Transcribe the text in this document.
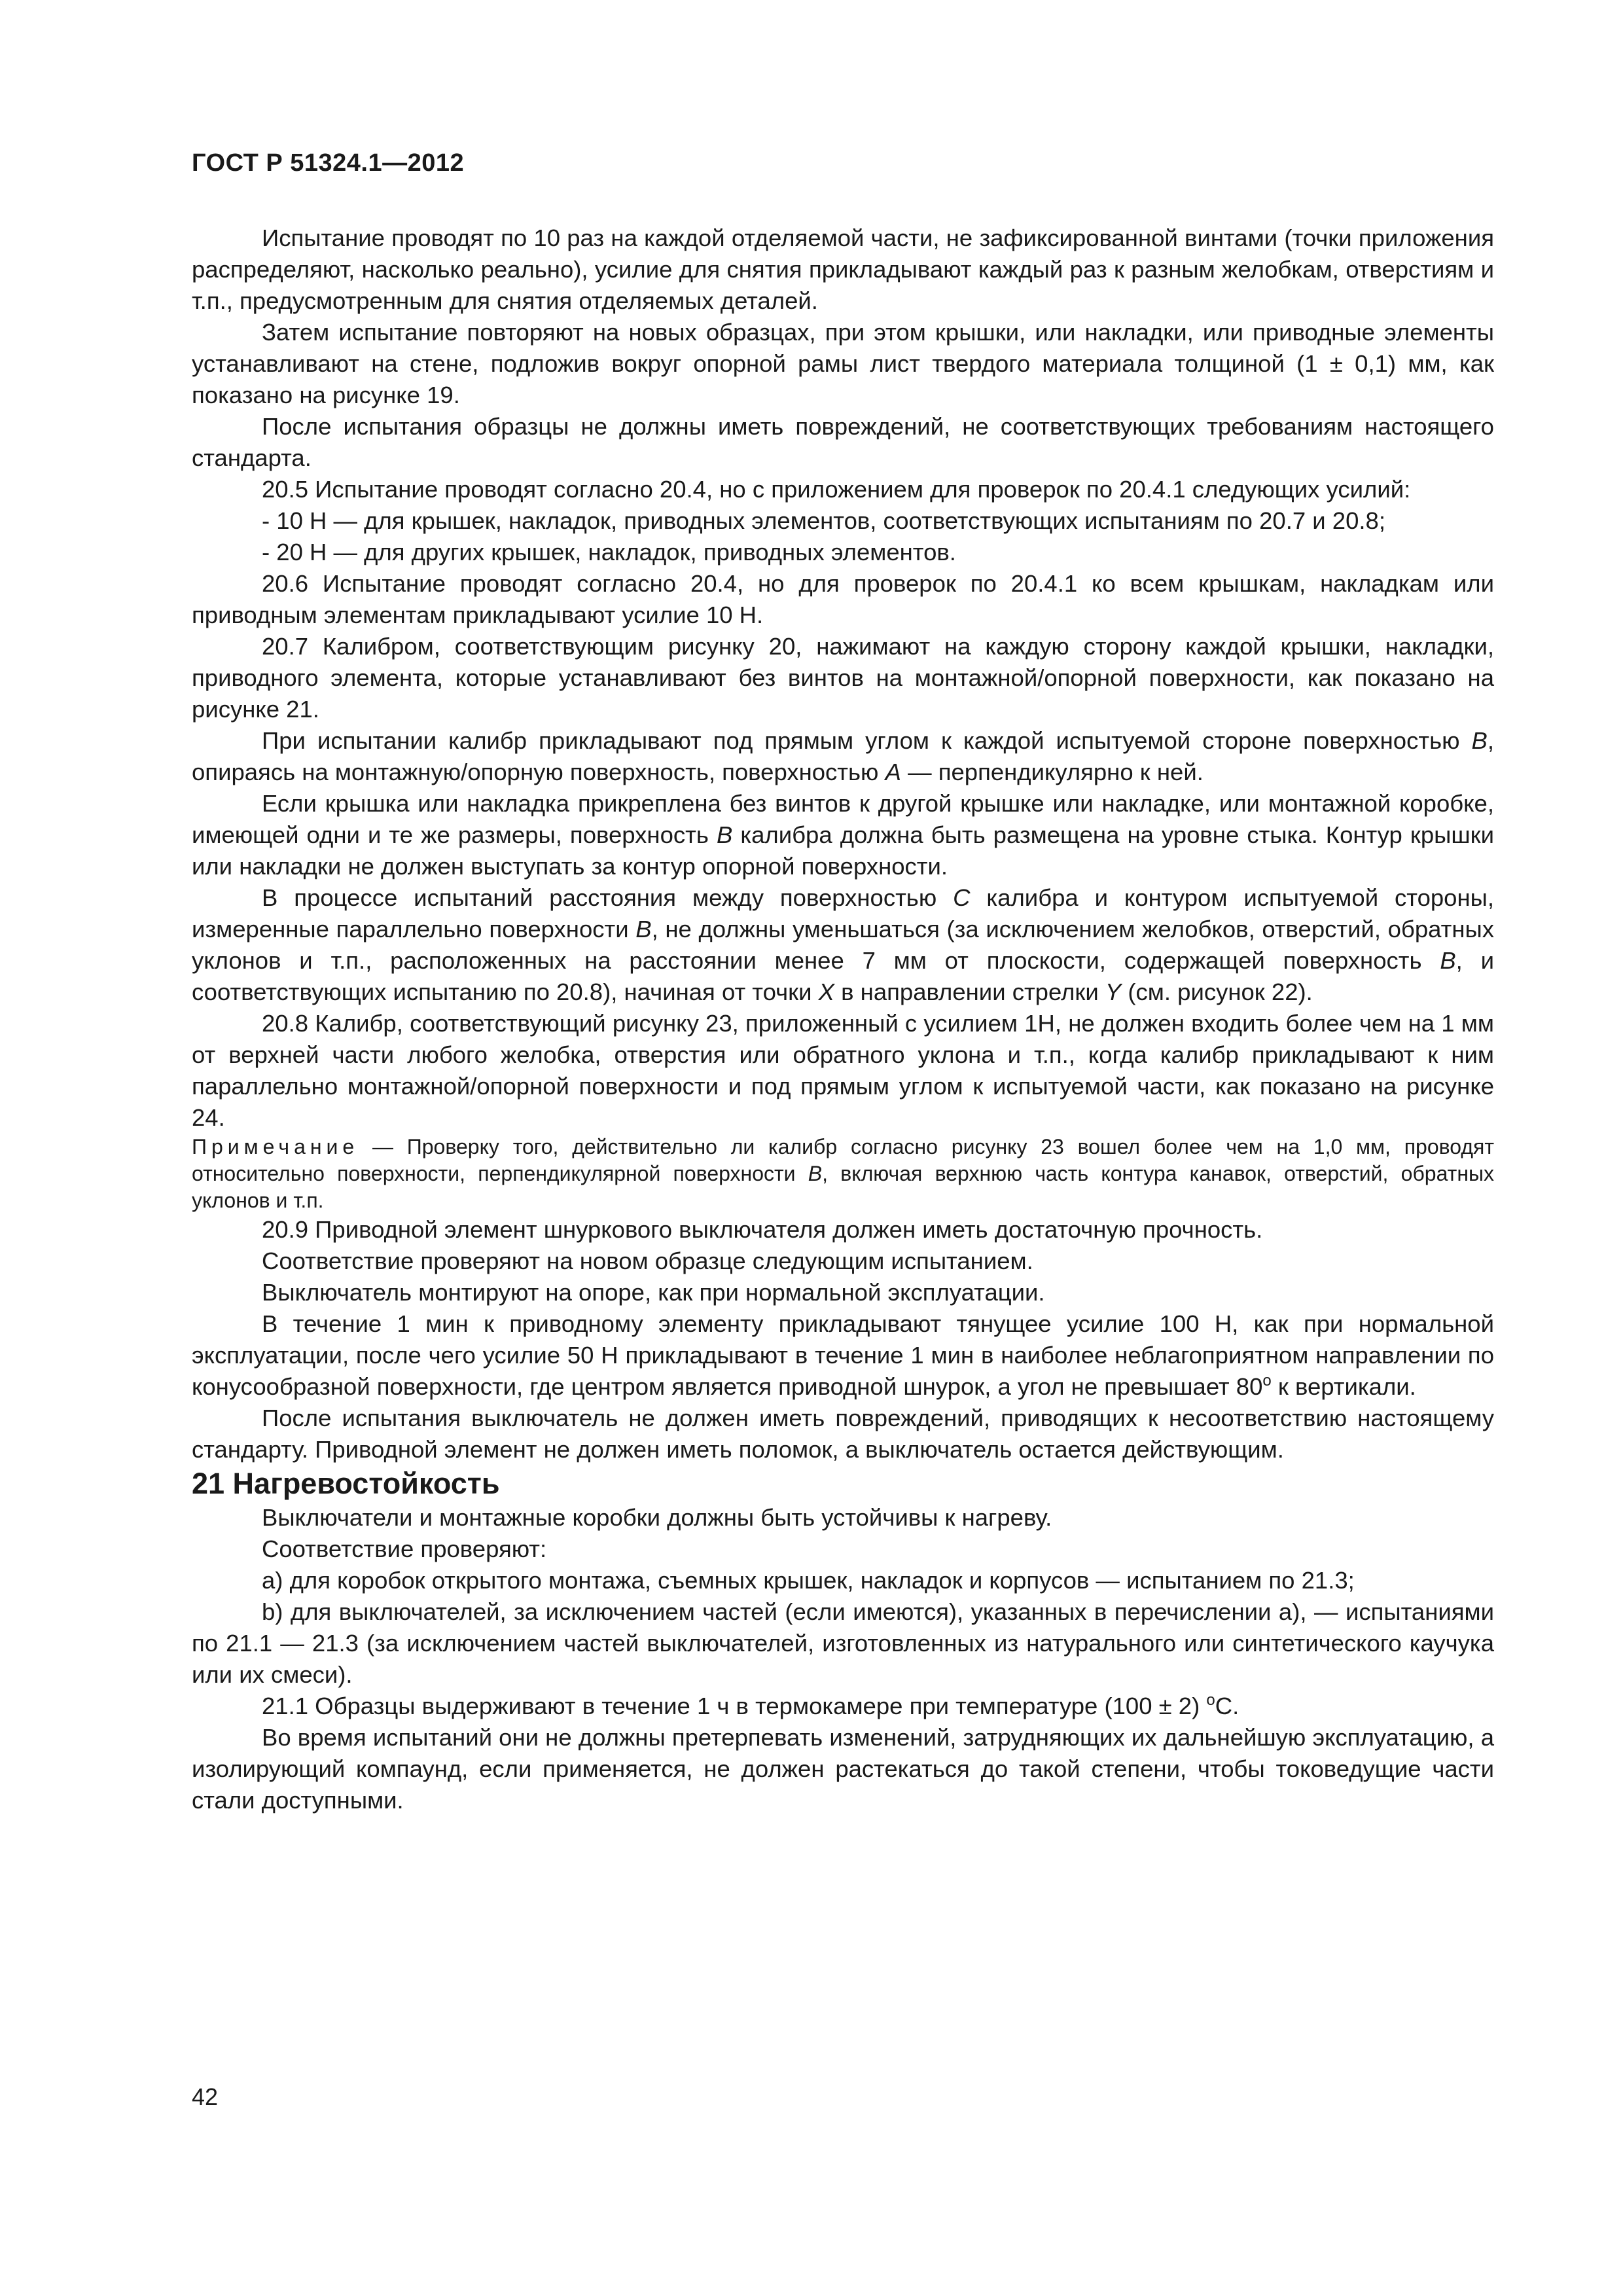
ГОСТ Р 51324.1—2012

Испытание проводят по 10 раз на каждой отделяемой части, не зафиксированной винтами (точки приложения распределяют, насколько реально), усилие для снятия прикладывают каждый раз к разным желобкам, отверстиям и т.п., предусмотренным для снятия отделяемых деталей.

Затем испытание повторяют на новых образцах, при этом крышки, или накладки, или приводные элементы устанавливают на стене, подложив вокруг опорной рамы лист твердого материала толщиной (1 ± 0,1) мм, как показано на рисунке 19.

После испытания образцы не должны иметь повреждений, не соответствующих требованиям настоящего стандарта.

20.5 Испытание проводят согласно 20.4, но с приложением для проверок по 20.4.1 следующих усилий:

- 10 Н — для крышек, накладок, приводных элементов, соответствующих испытаниям по 20.7 и 20.8;

- 20 Н — для других крышек, накладок, приводных элементов.

20.6 Испытание проводят согласно 20.4, но для проверок по 20.4.1 ко всем крышкам, накладкам или приводным элементам прикладывают усилие 10 Н.

20.7 Калибром, соответствующим рисунку 20, нажимают на каждую сторону каждой крышки, накладки, приводного элемента, которые устанавливают без винтов на монтажной/опорной поверхности, как показано на рисунке 21.

При испытании калибр прикладывают под прямым углом к каждой испытуемой стороне поверхностью B, опираясь на монтажную/опорную поверхность, поверхностью A — перпендикулярно к ней.

Если крышка или накладка прикреплена без винтов к другой крышке или накладке, или монтажной коробке, имеющей одни и те же размеры, поверхность B калибра должна быть размещена на уровне стыка. Контур крышки или накладки не должен выступать за контур опорной поверхности.

В процессе испытаний расстояния между поверхностью C калибра и контуром испытуемой стороны, измеренные параллельно поверхности B, не должны уменьшаться (за исключением желобков, отверстий, обратных уклонов и т.п., расположенных на расстоянии менее 7 мм от плоскости, содержащей поверхность B, и соответствующих испытанию по 20.8), начиная от точки X в направлении стрелки Y (см. рисунок 22).

20.8 Калибр, соответствующий рисунку 23, приложенный с усилием 1Н, не должен входить более чем на 1 мм от верхней части любого желобка, отверстия или обратного уклона и т.п., когда калибр прикладывают к ним параллельно монтажной/опорной поверхности и под прямым углом к испытуемой части, как показано на рисунке 24.

Примечание — Проверку того, действительно ли калибр согласно рисунку 23 вошел более чем на 1,0 мм, проводят относительно поверхности, перпендикулярной поверхности B, включая верхнюю часть контура канавок, отверстий, обратных уклонов и т.п.

20.9 Приводной элемент шнуркового выключателя должен иметь достаточную прочность.

Соответствие проверяют на новом образце следующим испытанием.

Выключатель монтируют на опоре, как при нормальной эксплуатации.

В течение 1 мин к приводному элементу прикладывают тянущее усилие 100 Н, как при нормальной эксплуатации, после чего усилие 50 Н прикладывают в течение 1 мин в наиболее неблагоприятном направлении по конусообразной поверхности, где центром является приводной шнурок, а угол не превышает $80^о$ к вертикали.

После испытания выключатель не должен иметь повреждений, приводящих к несоответствию настоящему стандарту. Приводной элемент не должен иметь поломок, а выключатель остается действующим.

21 Нагревостойкость

Выключатели и монтажные коробки должны быть устойчивы к нагреву.

Соответствие проверяют:

а) для коробок открытого монтажа, съемных крышек, накладок и корпусов — испытанием по 21.3;

b) для выключателей, за исключением частей (если имеются), указанных в перечислении а), — испытаниями по 21.1 — 21.3 (за исключением частей выключателей, изготовленных из натурального или синтетического каучука или их смеси).

21.1 Образцы выдерживают в течение 1 ч в термокамере при температуре (100 ± 2) $^о$С.

Во время испытаний они не должны претерпевать изменений, затрудняющих их дальнейшую эксплуатацию, а изолирующий компаунд, если применяется, не должен растекаться до такой степени, чтобы токоведущие части стали доступными.

42
